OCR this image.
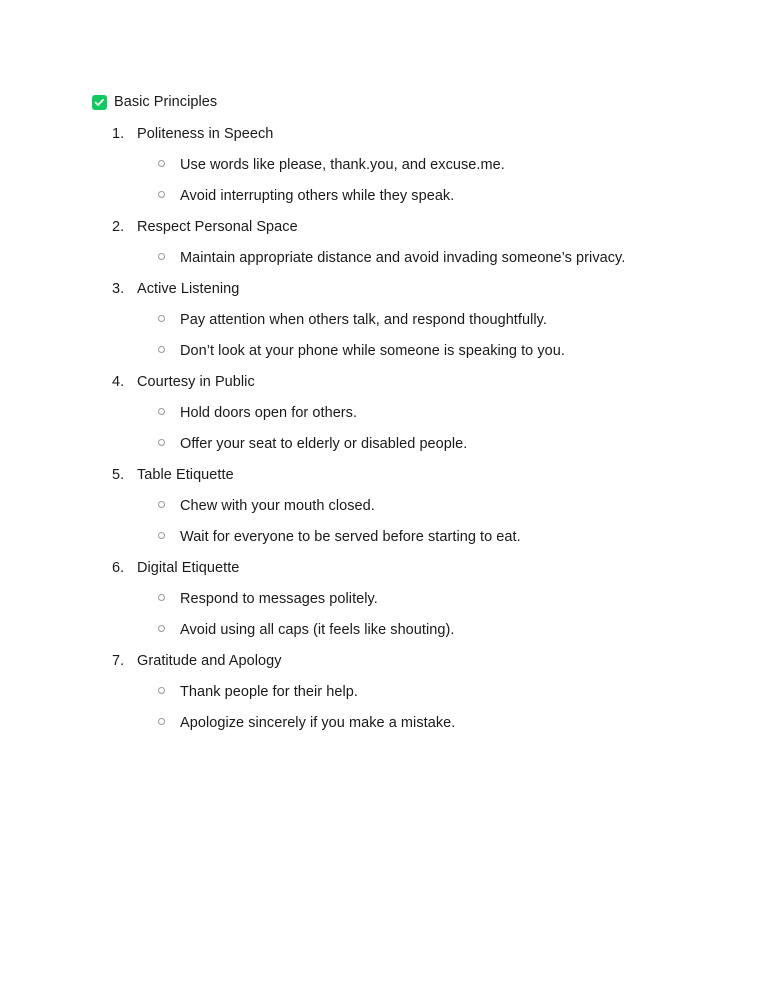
Basic Principles
1. Politeness in Speech
Use words like please, thank.you, and excuse.me.
Avoid interrupting others while they speak.
2. Respect Personal Space
Maintain appropriate distance and avoid invading someone’s privacy.
3. Active Listening
Pay attention when others talk, and respond thoughtfully.
Don’t look at your phone while someone is speaking to you.
4. Courtesy in Public
Hold doors open for others.
Offer your seat to elderly or disabled people.
5. Table Etiquette
Chew with your mouth closed.
Wait for everyone to be served before starting to eat.
6. Digital Etiquette
Respond to messages politely.
Avoid using all caps (it feels like shouting).
7. Gratitude and Apology
Thank people for their help.
Apologize sincerely if you make a mistake.
